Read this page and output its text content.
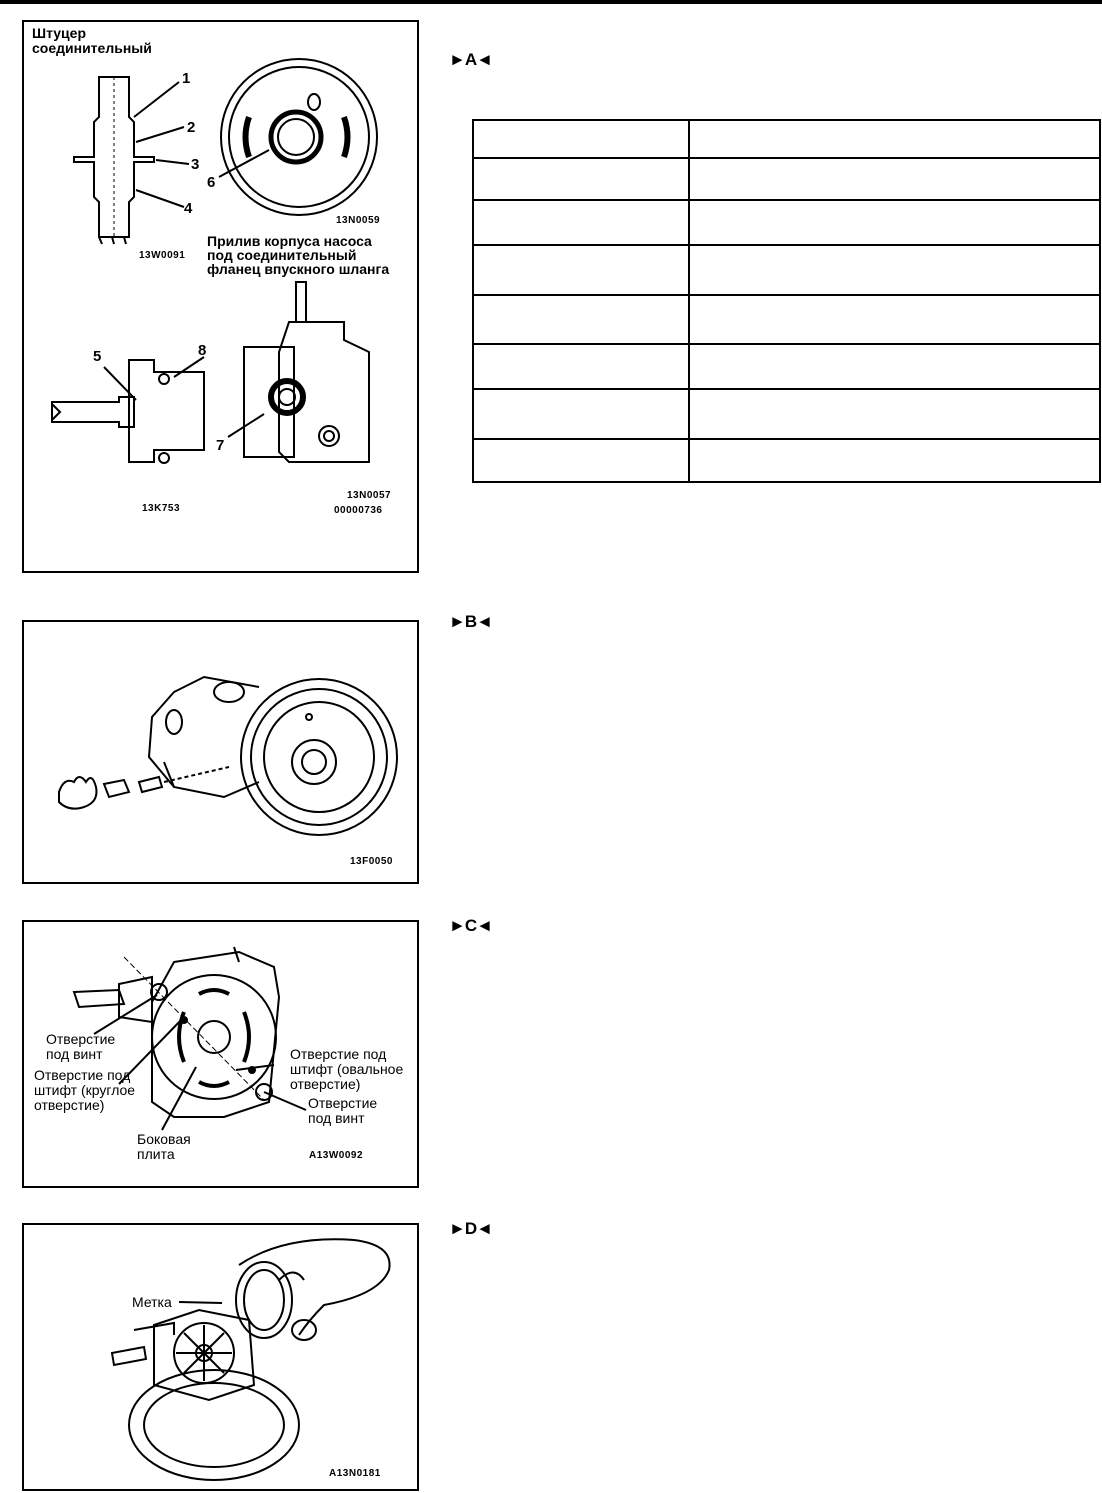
Штуцер
соединительный
1
2
3
4
6
13W0091
13N0059
Прилив корпуса насоса
под соединительный
фланец впускного шланга
5	8
7
13K753
13N0057
00000736
►A◄

13F0050
►B◄
Отверстие
под винт
Отверстие под
штифт (круглое
отверстие)
Боковая
плита
Отверстие под
штифт (овальное
отверстие)
Отверстие
под винт
A13W0092
►C◄
Метка
A13N0181
►D◄
